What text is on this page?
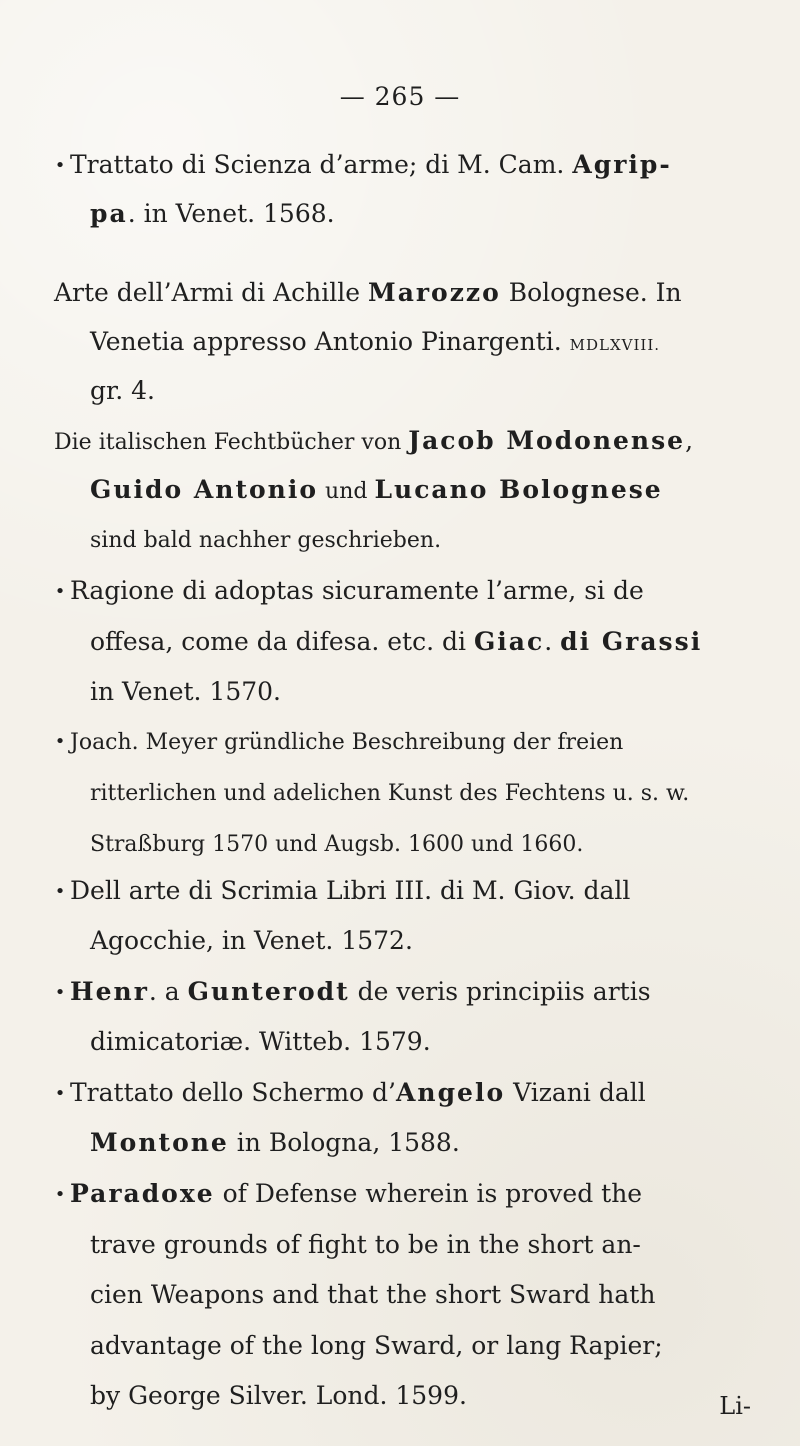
— 265 —
• Trattato di Scienza d’arme; di M. Cam. Agrip-
pa. in Venet. 1568.
Arte dell’Armi di Achille Marozzo Bolognese. In
Venetia appresso Antonio Pinargenti. MDLXVIII.
gr. 4.
Die italischen Fechtbücher von Jacob Modonense,
Guido Antonio und Lucano Bolognese
sind bald nachher geschrieben.
• Ragione di adoptas sicuramente l’arme, si de
offesa, come da difesa. etc. di Giac. di Grassi
in Venet. 1570.
• Joach. Meyer gründliche Beschreibung der freien
ritterlichen und adelichen Kunst des Fechtens u. s. w.
Straßburg 1570 und Augsb. 1600 und 1660.
• Dell arte di Scrimia Libri III. di M. Giov. dall
Agocchie, in Venet. 1572.
• Henr. a Gunterodt de veris principiis artis
dimicatoriæ. Witteb. 1579.
• Trattato dello Schermo d’Angelo Vizani dall
Montone in Bologna, 1588.
• Paradoxe of Defense wherein is proved the
trave grounds of fight to be in the short an-
cien Weapons and that the short Sward hath
advantage of the long Sward, or lang Rapier;
by George Silver. Lond. 1599.	Li-
